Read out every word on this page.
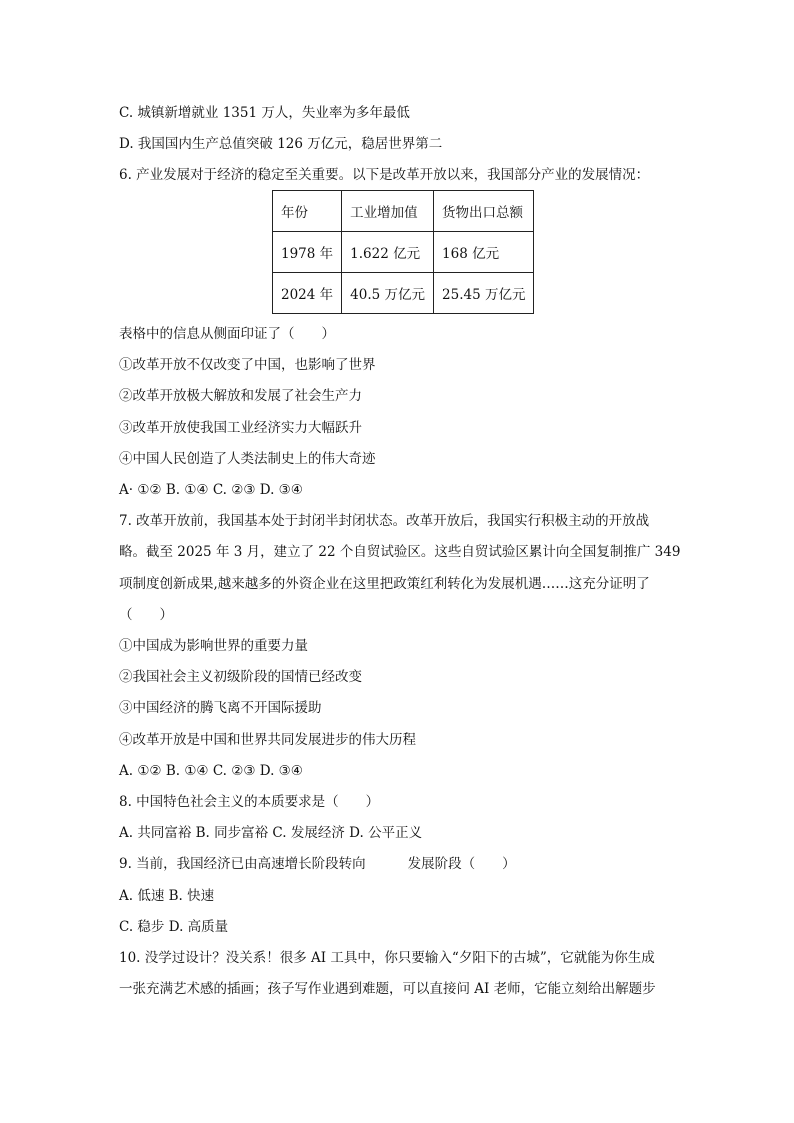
C. 城镇新增就业 1351 万人，失业率为多年最低
D. 我国国内生产总值突破 126 万亿元，稳居世界第二
6. 产业发展对于经济的稳定至关重要。以下是改革开放以来，我国部分产业的发展情况：
年份	工业增加值	货物出口总额
1978 年	1.622 亿元	168 亿元
2024 年	40.5 万亿元	25.45 万亿元
表格中的信息从侧面印证了（　　）
①改革开放不仅改变了中国，也影响了世界
②改革开放极大解放和发展了社会生产力
③改革开放使我国工业经济实力大幅跃升
④中国人民创造了人类法制史上的伟大奇迹
A· ①② B. ①④ C. ②③ D. ③④
7. 改革开放前，我国基本处于封闭半封闭状态。改革开放后，我国实行积极主动的开放战
略。截至 2025 年 3 月，建立了 22 个自贸试验区。这些自贸试验区累计向全国复制推广 349
项制度创新成果,越来越多的外资企业在这里把政策红利转化为发展机遇……这充分证明了
（　　）
①中国成为影响世界的重要力量
②我国社会主义初级阶段的国情已经改变
③中国经济的腾飞离不开国际援助
④改革开放是中国和世界共同发展进步的伟大历程
A. ①② B. ①④ C. ②③ D. ③④
8. 中国特色社会主义的本质要求是（　　）
A. 共同富裕 B. 同步富裕 C. 发展经济 D. 公平正义
9. 当前，我国经济已由高速增长阶段转向	发展阶段（　　）
A. 低速 B. 快速
C. 稳步 D. 高质量
10. 没学过设计？没关系！很多 AI 工具中，你只要输入“夕阳下的古城”，它就能为你生成
一张充满艺术感的插画；孩子写作业遇到难题，可以直接问 AI 老师，它能立刻给出解题步
